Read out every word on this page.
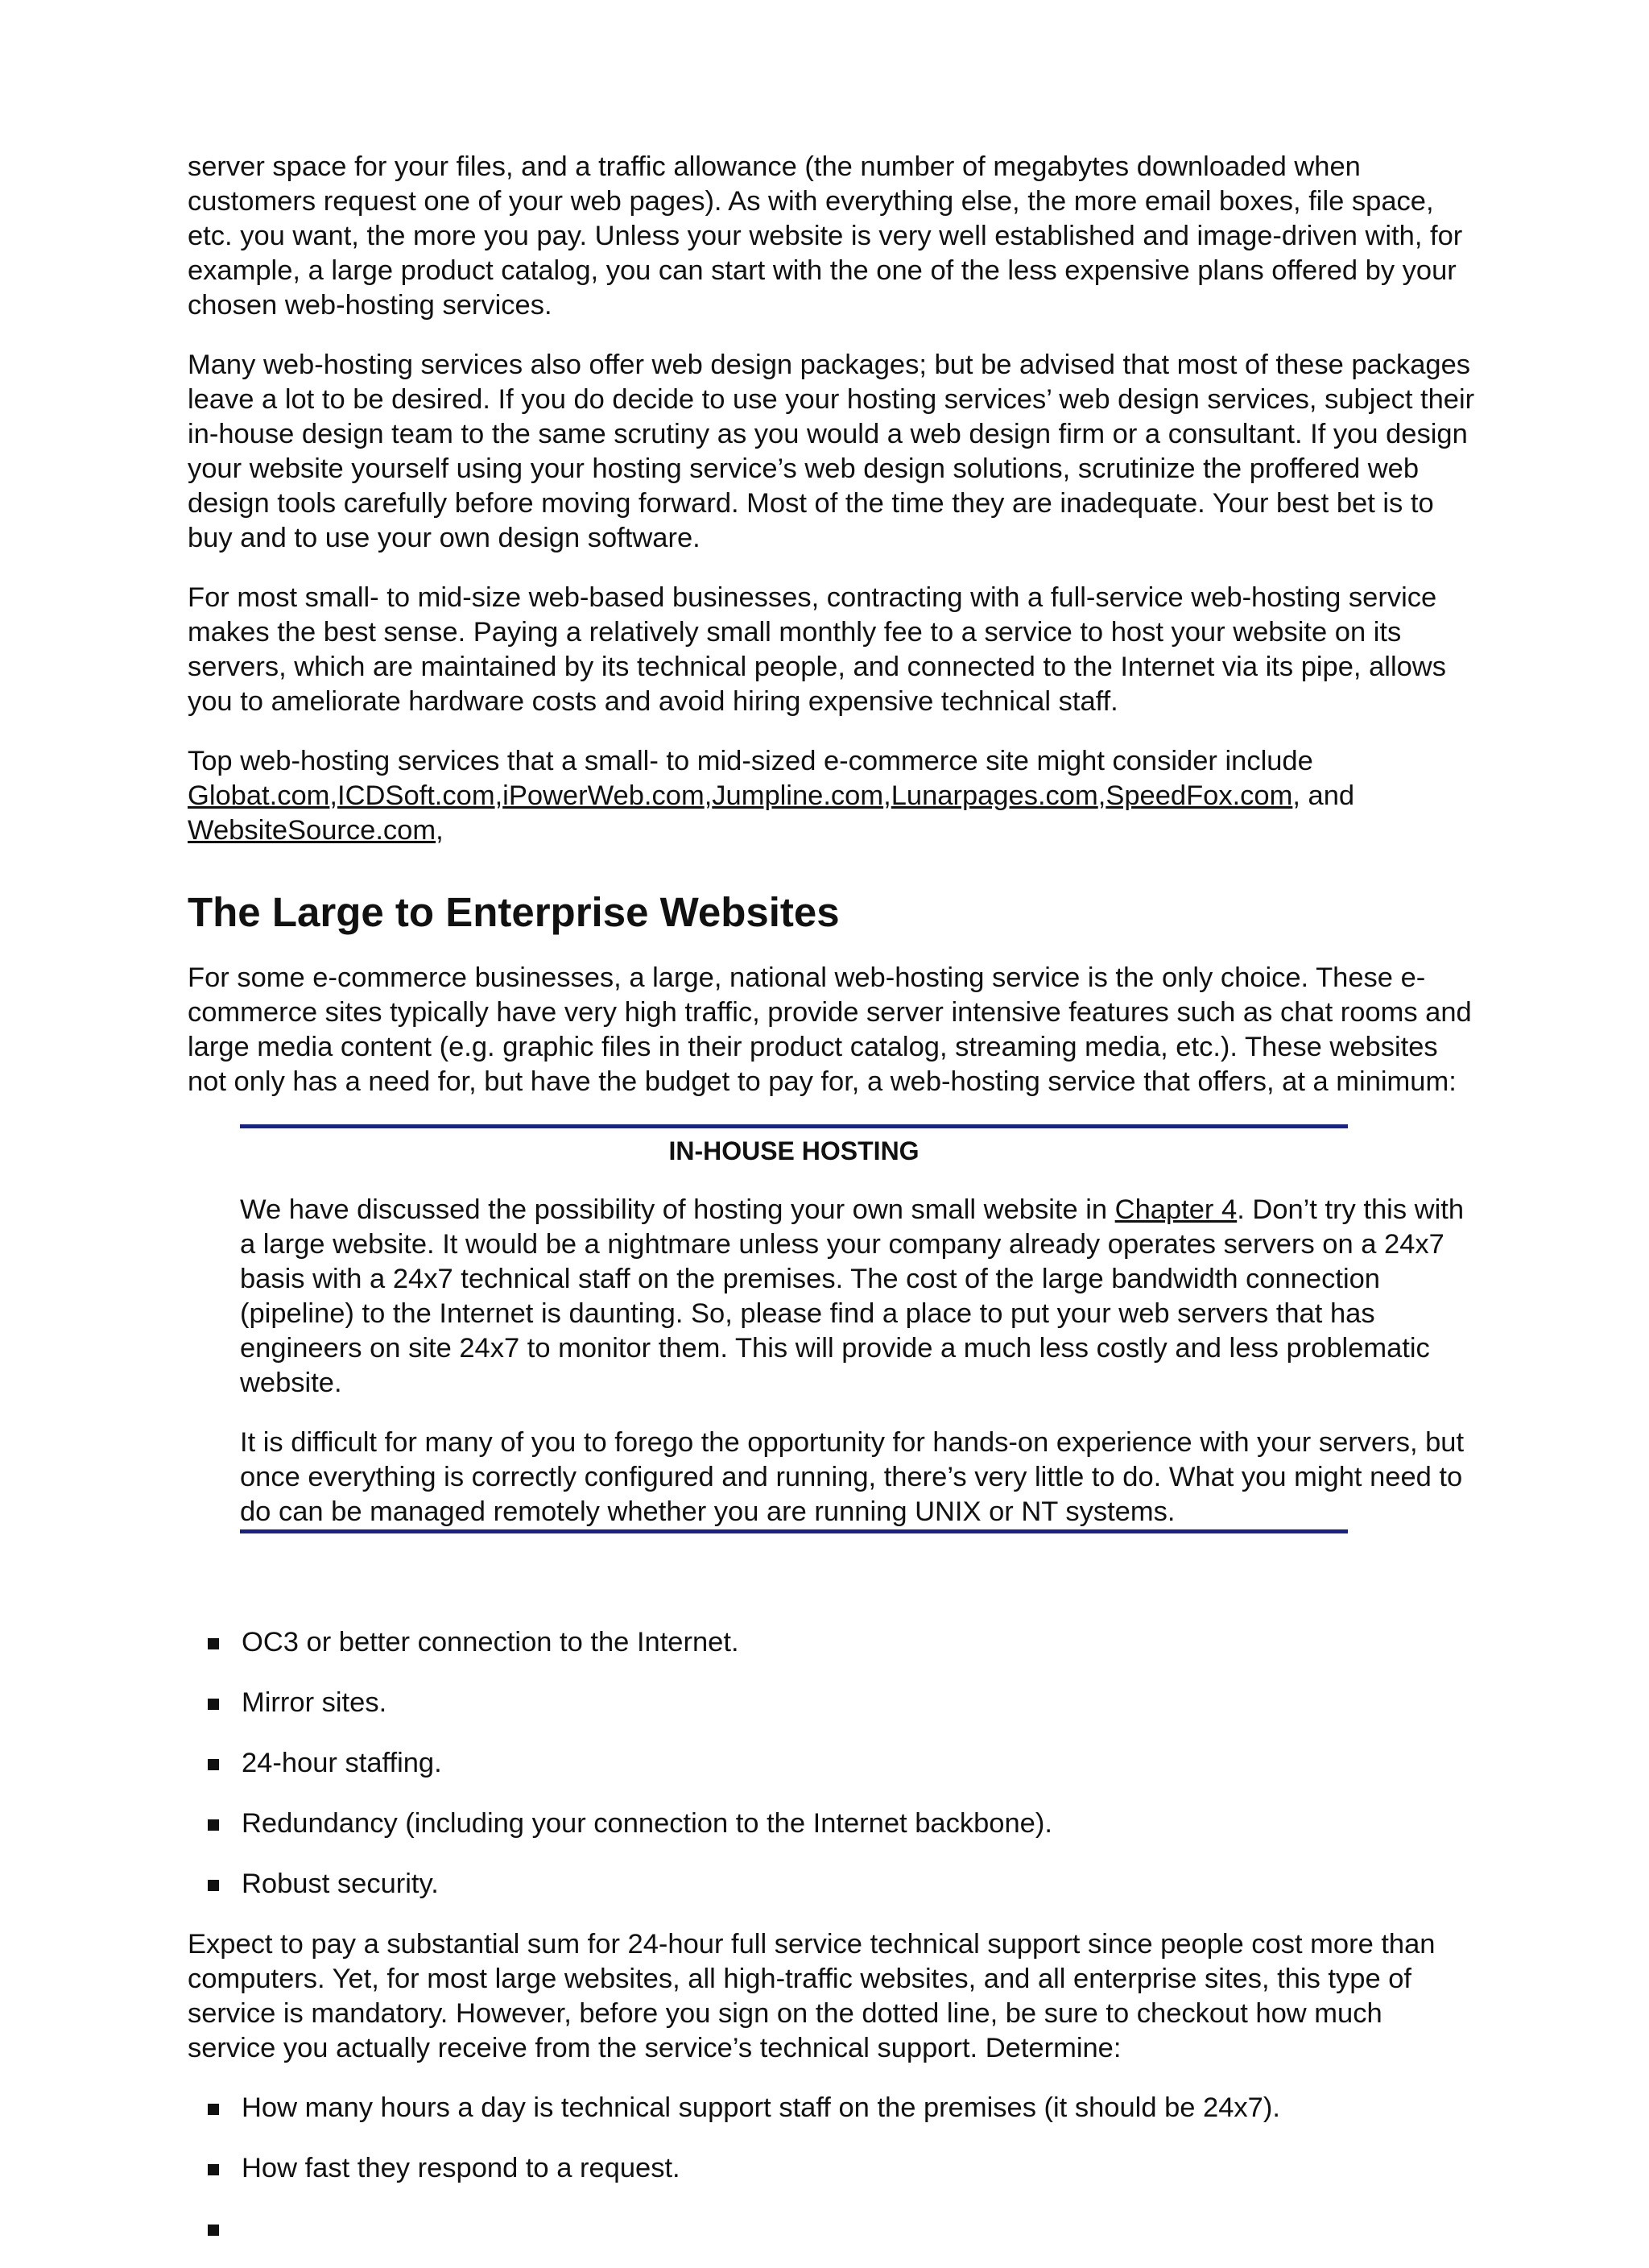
server space for your files, and a traffic allowance (the number of megabytes downloaded when customers request one of your web pages). As with everything else, the more email boxes, file space, etc. you want, the more you pay. Unless your website is very well established and image-driven with, for example, a large product catalog, you can start with the one of the less expensive plans offered by your chosen web-hosting services.

Many web-hosting services also offer web design packages; but be advised that most of these packages leave a lot to be desired. If you do decide to use your hosting services’ web design services, subject their in-house design team to the same scrutiny as you would a web design firm or a consultant. If you design your website yourself using your hosting service’s web design solutions, scrutinize the proffered web design tools carefully before moving forward. Most of the time they are inadequate. Your best bet is to buy and to use your own design software.

For most small- to mid-size web-based businesses, contracting with a full-service web-hosting service makes the best sense. Paying a relatively small monthly fee to a service to host your website on its servers, which are maintained by its technical people, and connected to the Internet via its pipe, allows you to ameliorate hardware costs and avoid hiring expensive technical staff.

Top web-hosting services that a small- to mid-sized e-commerce site might consider include
Globat.com,ICDSoft.com,iPowerWeb.com,Jumpline.com,Lunarpages.com,SpeedFox.com, and
WebsiteSource.com,

The Large to Enterprise Websites

For some e-commerce businesses, a large, national web-hosting service is the only choice. These e-commerce sites typically have very high traffic, provide server intensive features such as chat rooms and large media content (e.g. graphic files in their product catalog, streaming media, etc.). These websites not only has a need for, but have the budget to pay for, a web-hosting service that offers, at a minimum:

IN-HOUSE HOSTING

We have discussed the possibility of hosting your own small website in Chapter 4. Don’t try this with a large website. It would be a nightmare unless your company already operates servers on a 24x7 basis with a 24x7 technical staff on the premises. The cost of the large bandwidth connection (pipeline) to the Internet is daunting. So, please find a place to put your web servers that has engineers on site 24x7 to monitor them. This will provide a much less costly and less problematic website.

It is difficult for many of you to forego the opportunity for hands-on experience with your servers, but once everything is correctly configured and running, there’s very little to do. What you might need to do can be managed remotely whether you are running UNIX or NT systems.

OC3 or better connection to the Internet.
Mirror sites.
24-hour staffing.
Redundancy (including your connection to the Internet backbone).
Robust security.

Expect to pay a substantial sum for 24-hour full service technical support since people cost more than computers. Yet, for most large websites, all high-traffic websites, and all enterprise sites, this type of service is mandatory. However, before you sign on the dotted line, be sure to checkout how much service you actually receive from the service’s technical support. Determine:

How many hours a day is technical support staff on the premises (it should be 24x7).
How fast they respond to a request.
